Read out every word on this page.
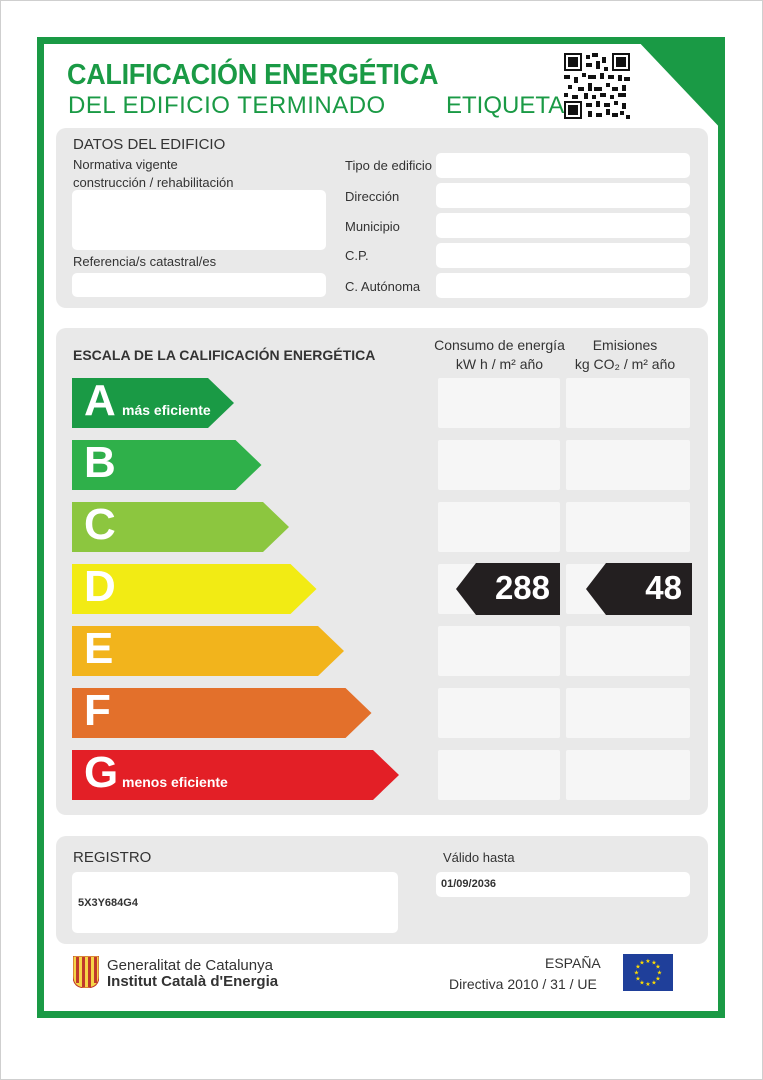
CALIFICACIÓN ENERGÉTICA
DEL EDIFICIO TERMINADO	ETIQUETA
DATOS DEL EDIFICIO
Normativa vigente
construcción / rehabilitación
Referencia/s catastral/es
Tipo de edificio
Dirección
Municipio
C.P.
C. Autónoma
ESCALA DE LA CALIFICACIÓN ENERGÉTICA
Consumo de energía
kW h / m² año
Emisiones
kg CO₂ / m² año
A más eficiente
B
C
D	288	48
E
F
G menos eficiente
REGISTRO
5X3Y684G4
Válido hasta
01/09/2036
Generalitat de Catalunya
Institut Català d'Energia
ESPAÑA
Directiva 2010 / 31 / UE
★ ★
★
★
★
★
★
★
★
★
★
★
